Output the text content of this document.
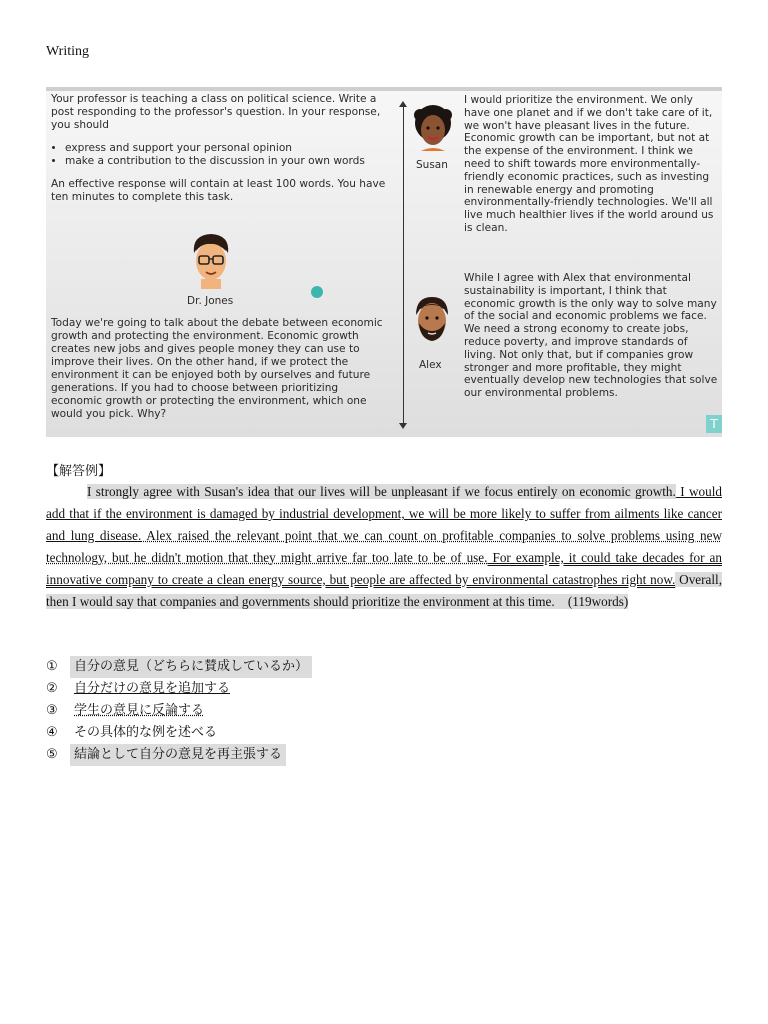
Writing

Your professor is teaching a class on political science. Write a post responding to the professor's question. In your response, you should

• express and support your personal opinion
• make a contribution to the discussion in your own words

An effective response will contain at least 100 words. You have ten minutes to complete this task.

Dr. Jones
Today we're going to talk about the debate between economic growth and protecting the environment. Economic growth creates new jobs and gives people money they can use to improve their lives. On the other hand, if we protect the environment it can be enjoyed both by ourselves and future generations. If you had to choose between prioritizing economic growth or protecting the environment, which one would you pick. Why?
Susan
I would prioritize the environment. We only have one planet and if we don't take care of it, we won't have pleasant lives in the future. Economic growth can be important, but not at the expense of the environment. I think we need to shift towards more environmentally-friendly economic practices, such as investing in renewable energy and promoting environmentally-friendly technologies. We'll all live much healthier lives if the world around us is clean.
Alex
While I agree with Alex that environmental sustainability is important, I think that economic growth is the only way to solve many of the social and economic problems we face. We need a strong economy to create jobs, reduce poverty, and improve standards of living. Not only that, but if companies grow stronger and more profitable, they might eventually develop new technologies that solve our environmental problems.
T
【解答例】

I strongly agree with Susan's idea that our lives will be unpleasant if we focus entirely on economic growth. I would add that if the environment is damaged by industrial development, we will be more likely to suffer from ailments like cancer and lung disease. Alex raised the relevant point that we can count on profitable companies to solve problems using new technology, but he didn't motion that they might arrive far too late to be of use. For example, it could take decades for an innovative company to create a clean energy source, but people are affected by environmental catastrophes right now. Overall, then I would say that companies and governments should prioritize the environment at this time.　(119words)

①	自分の意見（どちらに賛成しているか）
②	自分だけの意見を追加する
③	学生の意見に反論する
④	その具体的な例を述べる
⑤	結論として自分の意見を再主張する
